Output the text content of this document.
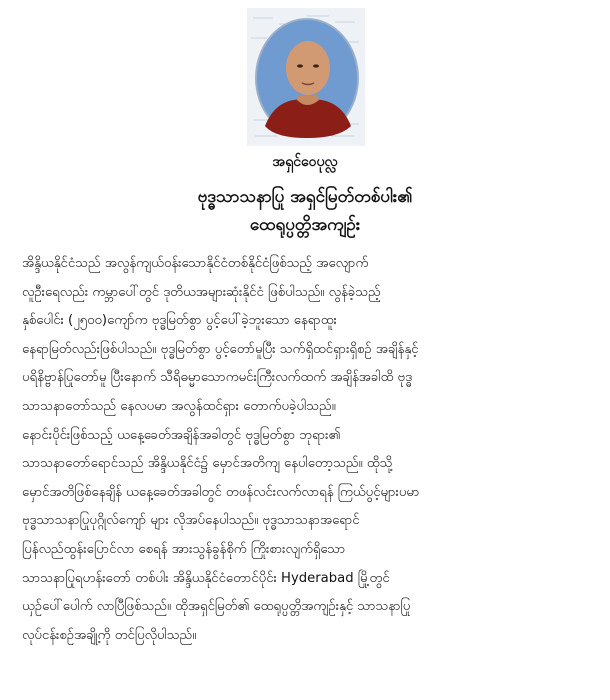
အရှင်ဝေပုလ္လ
ဗုဒ္ဓသာသနာပြု အရှင်မြတ်တစ်ပါး၏
ထေရုပ္ပတ္တိအကျဉ်း
အိန္ဒိယနိုင်ငံသည် အလွန်ကျယ်ဝန်းသောနိုင်ငံတစ်နိုင်ငံဖြစ်သည့် အလျောက်
လူဦးရေလည်း ကမ္ဘာပေါ်တွင် ဒုတိယအများဆုံးနိုင်ငံ ဖြစ်ပါသည်။ လွန်ခဲ့သည့်
နှစ်ပေါင်း (၂၅၀၀)ကျော်က ဗုဒ္ဓမြတ်စွာ ပွင့်ပေါ်ခဲ့ဘူးသော နေရာထူး
နေရာမြတ်လည်းဖြစ်ပါသည်။ ဗုဒ္ဓမြတ်စွာ ပွင့်တော်မူပြီး သက်ရှိထင်ရှားရှိစဉ် အချိန်နှင့်
ပရိနိဗ္ဗာန်ပြုတော်မူ ပြီးနောက် သီရိဓမ္မာသောကမင်းကြီးလက်ထက် အချိန်အခါထိ ဗုဒ္ဓ
သာသနာတော်သည် နေလပမာ အလွန်ထင်ရှား တောက်ပခဲ့ပါသည်။
နောင်းပိုင်းဖြစ်သည့် ယနေ့ခေတ်အချိန်အခါတွင် ဗုဒ္ဓမြတ်စွာ ဘုရား၏
သာသနာတော်ရောင်သည် အိန္ဒိယနိုင်ငံ၌ မှောင်အတိကျ နေပါတော့သည်။ ထိုသို့
မှောင်အတိဖြစ်နေချိန် ယနေ့ခေတ်အခါတွင် တဖန်လင်းလက်လာရန် ကြယ်ပွင့်များပမာ
ဗုဒ္ဓသာသနာပြုပုဂ္ဂိုလ်ကျော် များ လိုအပ်နေပါသည်။ ဗုဒ္ဓသာသနာအရောင်
ပြန်လည်ထွန်းပြောင်လာ စေရန် အားသွန်ခွန်စိုက် ကြိုးစားလျက်ရှိသော
သာသနာပြုရဟန်းတော် တစ်ပါး အိန္ဒိယနိုင်ငံတောင်ပိုင်း Hyderabad မြို့တွင်
ယှဉ်ပေါ်ပေါက် လာပြီဖြစ်သည်။ ထိုအရှင်မြတ်၏ ထေရုပ္ပတ္တိအကျဉ်းနှင့် သာသနာပြု
လုပ်ငန်းစဉ်အချို့ကို တင်ပြလိုပါသည်။
